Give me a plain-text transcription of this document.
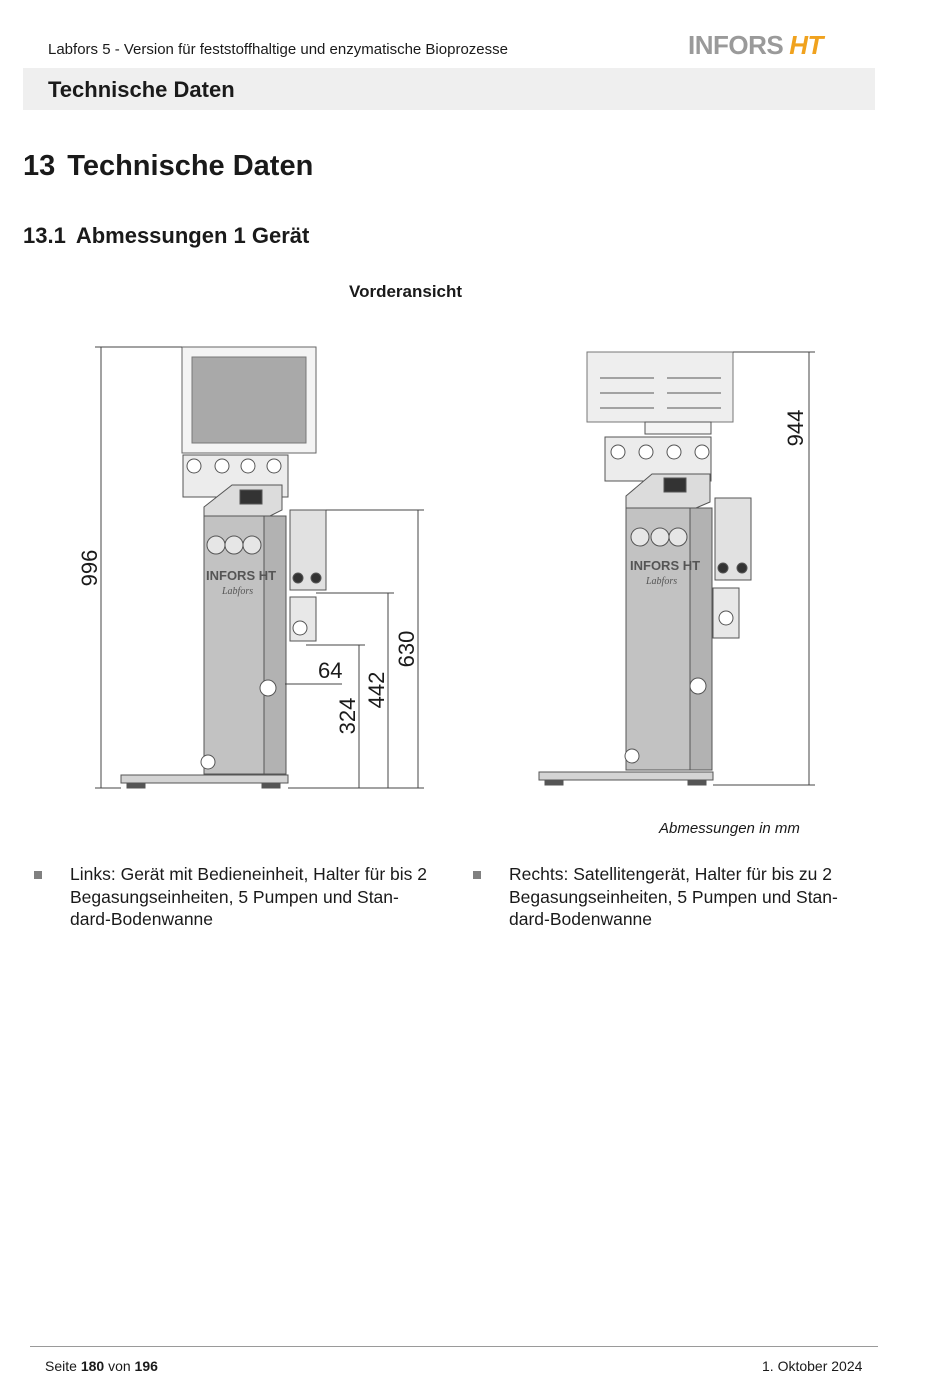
Labfors 5 - Version für feststoffhaltige und enzymatische Bioprozesse	INFORS HT
Technische Daten
13 Technische Daten
13.1 Abmessungen 1 Gerät
Vorderansicht
INFORS HT
Labfors
INFORS HT
Labfors
996
630
442
324
64
944
Abmessungen in mm
Links: Gerät mit Bedieneinheit, Halter für bis 2
Begasungseinheiten, 5 Pumpen und Stan-
dard-Bodenwanne
Rechts: Satellitengerät, Halter für bis zu 2
Begasungseinheiten, 5 Pumpen und Stan-
dard-Bodenwanne
Seite 180 von 196	1. Oktober 2024
